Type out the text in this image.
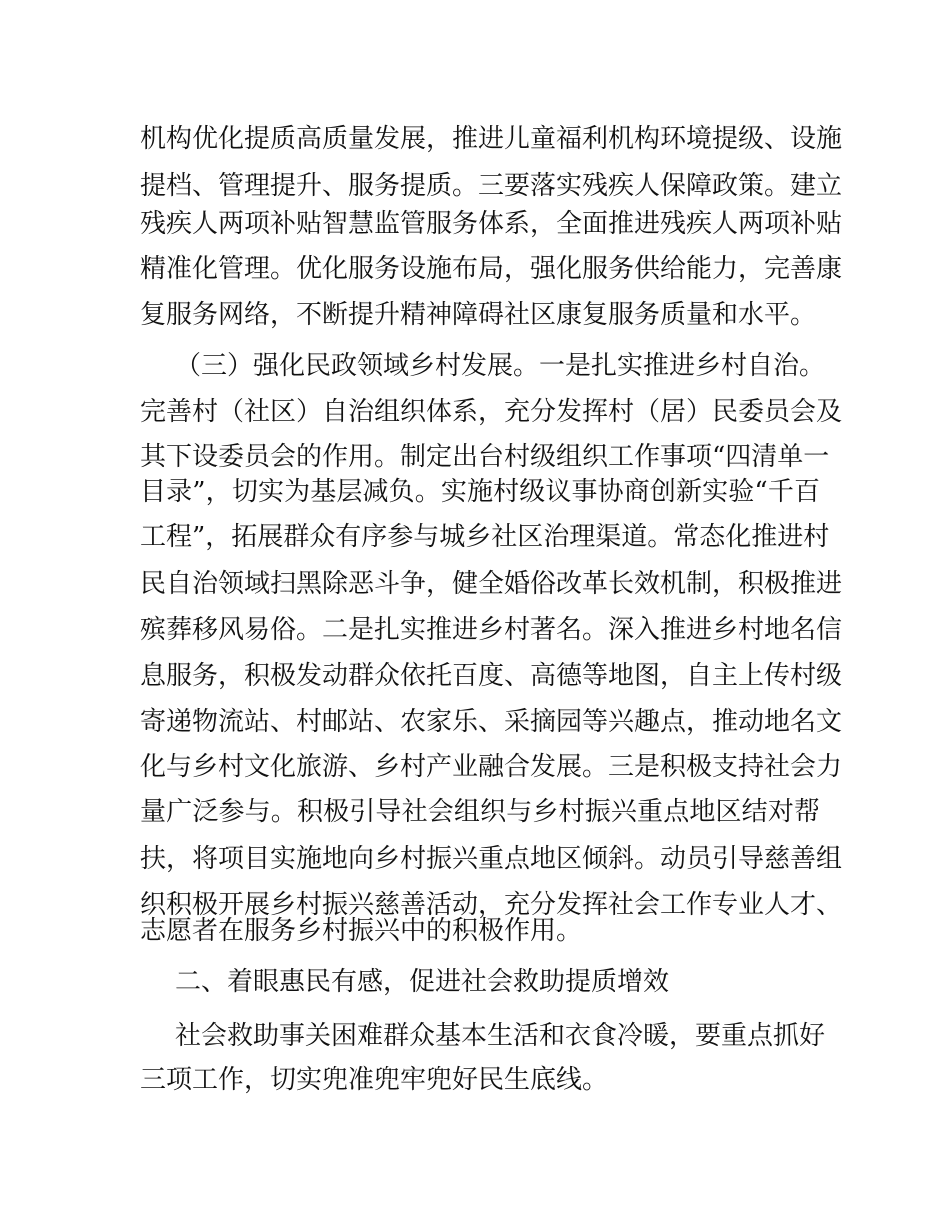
机构优化提质高质量发展，推进儿童福利机构环境提级、设施
提档、管理提升、服务提质。三要落实残疾人保障政策。建立
残疾人两项补贴智慧监管服务体系，全面推进残疾人两项补贴
精准化管理。优化服务设施布局，强化服务供给能力，完善康
复服务网络，不断提升精神障碍社区康复服务质量和水平。
（三）强化民政领域乡村发展。一是扎实推进乡村自治。
完善村（社区）自治组织体系，充分发挥村（居）民委员会及
其下设委员会的作用。制定出台村级组织工作事项“四清单一
目录”，切实为基层减负。实施村级议事协商创新实验“千百
工程”，拓展群众有序参与城乡社区治理渠道。常态化推进村
民自治领域扫黑除恶斗争，健全婚俗改革长效机制，积极推进
殡葬移风易俗。二是扎实推进乡村著名。深入推进乡村地名信
息服务，积极发动群众依托百度、高德等地图，自主上传村级
寄递物流站、村邮站、农家乐、采摘园等兴趣点，推动地名文
化与乡村文化旅游、乡村产业融合发展。三是积极支持社会力
量广泛参与。积极引导社会组织与乡村振兴重点地区结对帮
扶，将项目实施地向乡村振兴重点地区倾斜。动员引导慈善组
织积极开展乡村振兴慈善活动，充分发挥社会工作专业人才、
志愿者在服务乡村振兴中的积极作用。
二、着眼惠民有感，促进社会救助提质增效
社会救助事关困难群众基本生活和衣食冷暖，要重点抓好
三项工作，切实兜准兜牢兜好民生底线。
